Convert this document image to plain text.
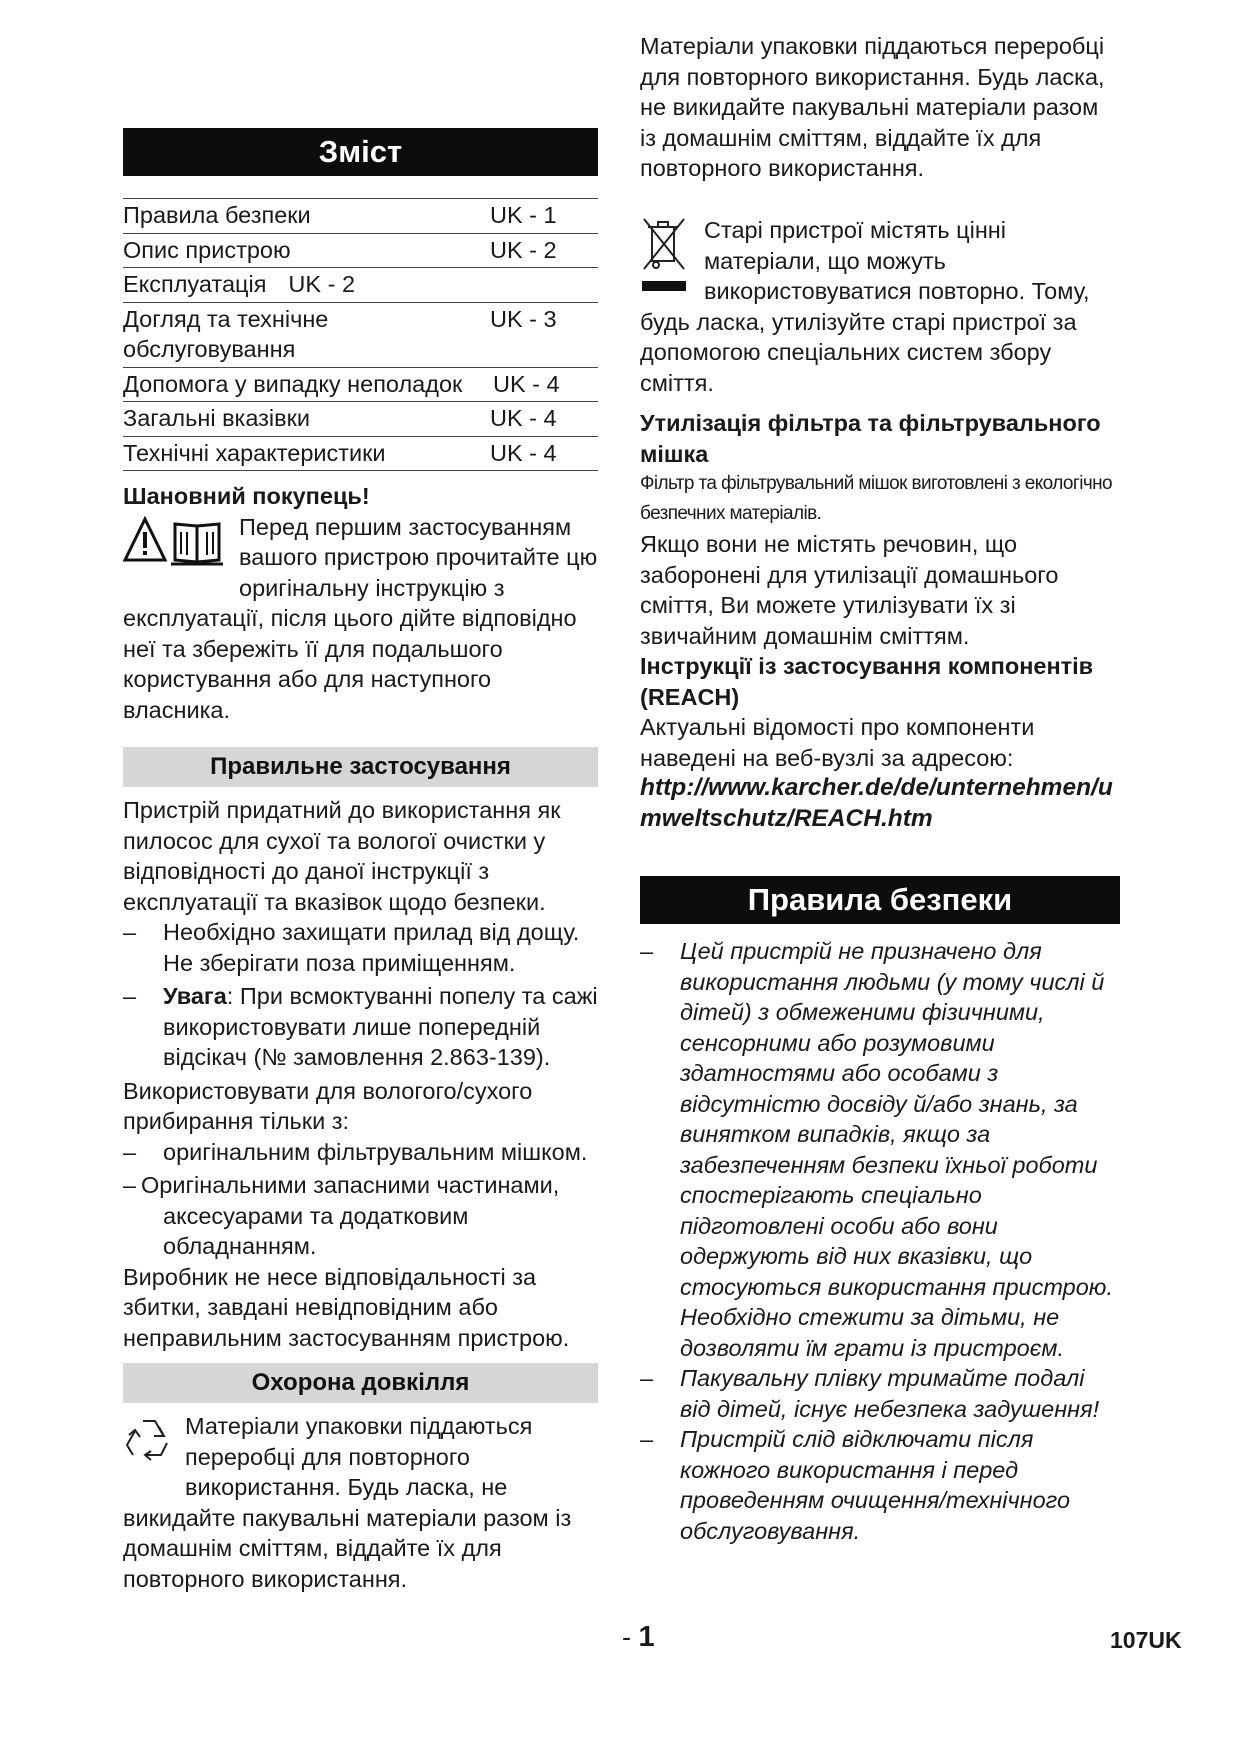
Зміст
Правила безпеки	UK - 1
Опис пристрою	UK - 2
Експлуатація UK - 2
Догляд та технічне обслуговування
UK - 3
Допомога у випадку неполадок	UK - 4
Загальні вказівки	UK - 4
Технічні характеристики	UK - 4

Шановний покупець!

Перед першим застосуванням вашого пристрою прочитайте цю оригінальну інструкцію з експлуатації, після цього дійте відповідно неї та збережіть її для подальшого користування або для наступного власника.

Правильне застосування

Пристрій придатний до використання як пилосос для сухої та вологої очистки у відповідності до даної інструкції з експлуатації та вказівок щодо безпеки.

– Необхідно захищати прилад від дощу. Не зберігати поза приміщенням.
– Увага: При всмоктуванні попелу та сажі використовувати лише попередній відсікач (№ замовлення 2.863-139).

Використовувати для вологого/сухого прибирання тільки з:

– оригінальним фільтрувальним мішком.
– Оригінальними запасними частинами, аксесуарами та додатковим обладнанням.

Виробник не несе відповідальності за збитки, завдані невідповідним або неправильним застосуванням пристрою.

Охорона довкілля

Матеріали упаковки піддаються переробці для повторного використання. Будь ласка, не викидайте пакувальні матеріали разом із домашнім сміттям, віддайте їх для повторного використання.

Матеріали упаковки піддаються переробці для повторного використання. Будь ласка, не викидайте пакувальні матеріали разом із домашнім сміттям, віддайте їх для повторного використання.

Старі пристрої містять цінні матеріали, що можуть використовуватися повторно. Тому, будь ласка, утилізуйте старі пристрої за допомогою спеціальних систем збору сміття.

Утилізація фільтра та фільтрувального мішка

Фільтр та фільтрувальний мішок виготовлені з екологічно безпечних матеріалів.

Якщо вони не містять речовин, що заборонені для утилізації домашнього сміття, Ви можете утилізувати їх зі звичайним домашнім сміттям.

Інструкції із застосування компонентів (REACH)

Актуальні відомості про компоненти наведені на веб-вузлі за адресою:

http://www.karcher.de/de/unternehmen/umweltschutz/REACH.htm

Правила безпеки
– Цей пристрій не призначено для використання людьми (у тому числі й дітей) з обмеженими фізичними, сенсорними або розумовими здатностями або особами з відсутністю досвіду й/або знань, за винятком випадків, якщо за забезпеченням безпеки їхньої роботи спостерігають спеціально підготовлені особи або вони одержують від них вказівки, що стосуються використання пристрою. Необхідно стежити за дітьми, не дозволяти їм грати із пристроєм.
– Пакувальну плівку тримайте подалі від дітей, існує небезпека задушення!
– Пристрій слід відключати після кожного використання і перед проведенням очищення/технічного обслуговування.
- 1	107UK
